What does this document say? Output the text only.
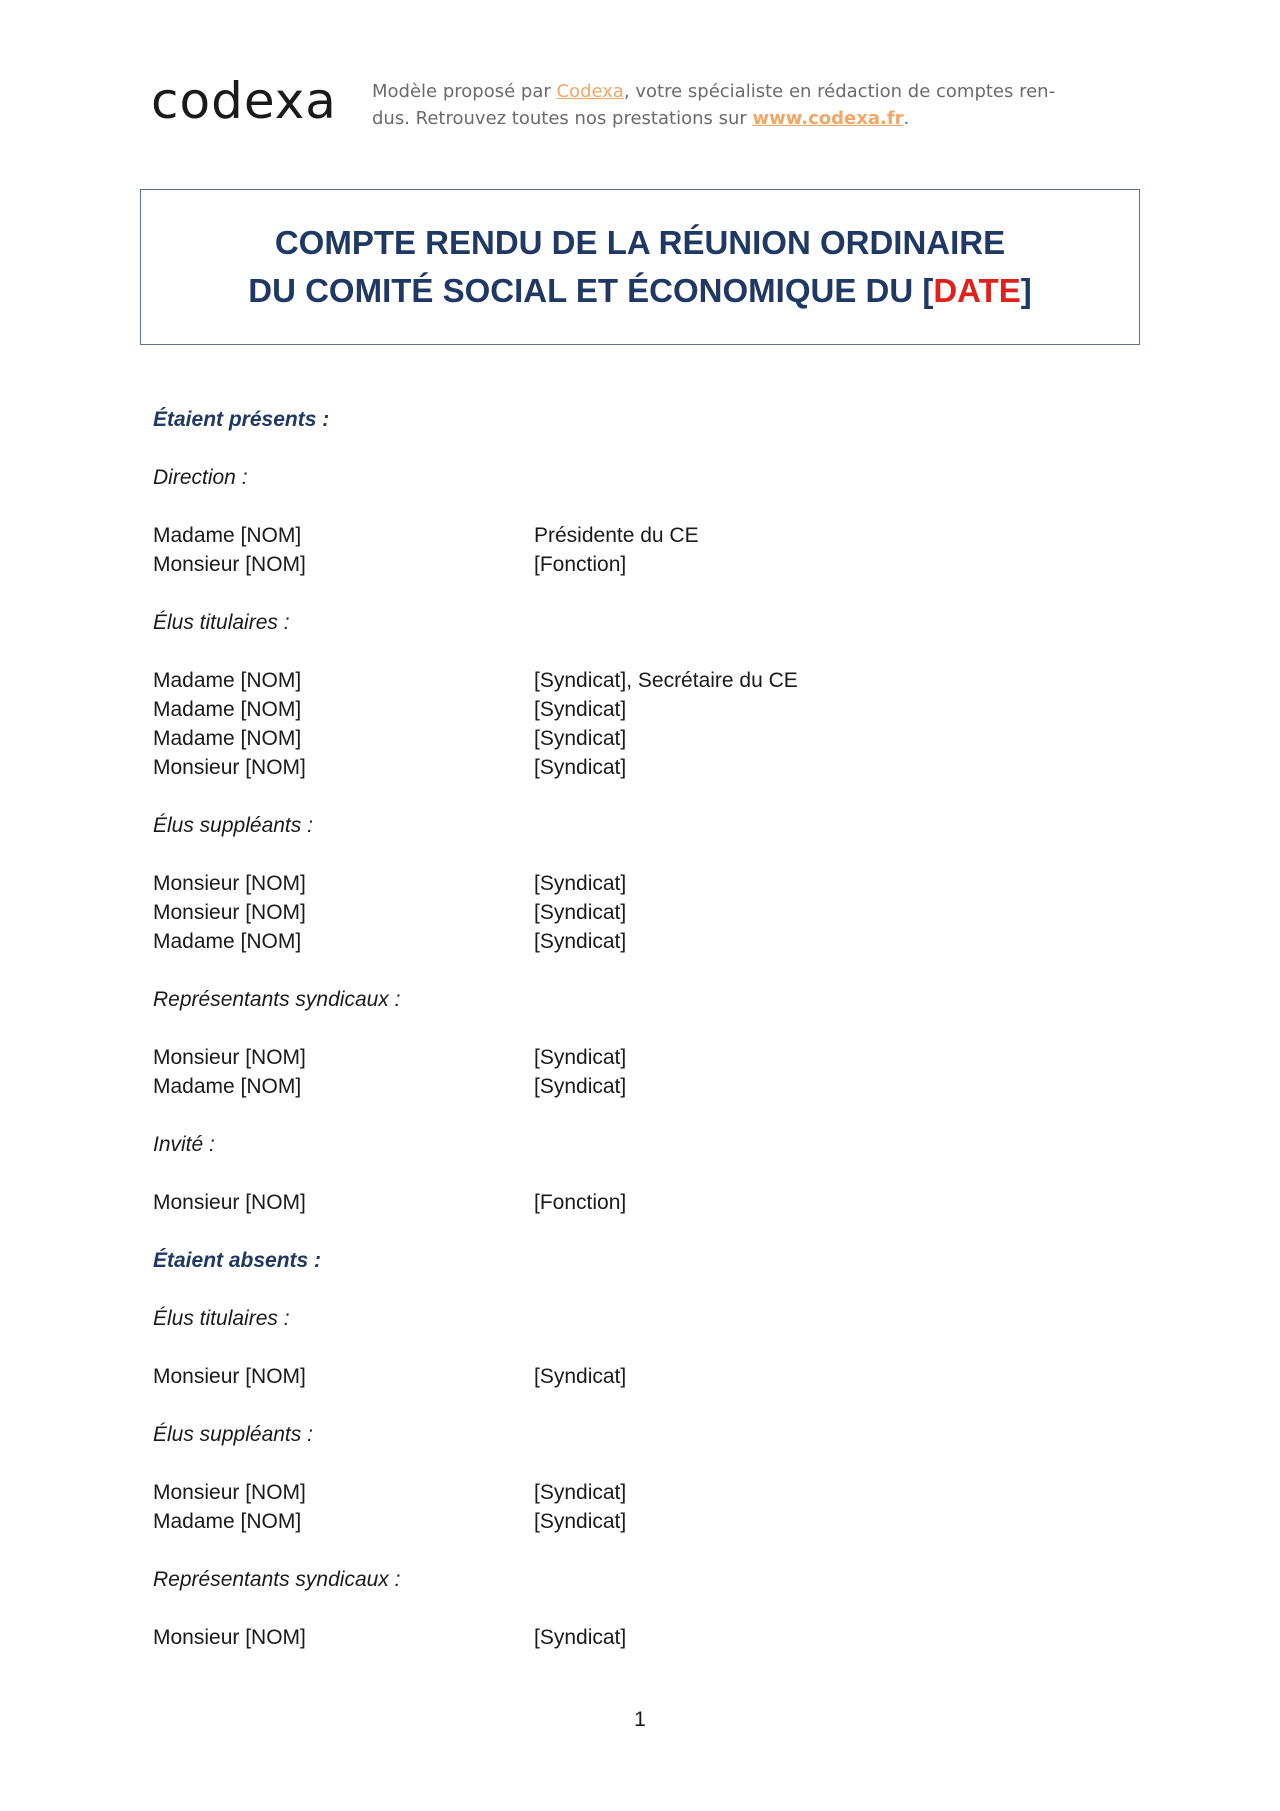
codexa Modèle proposé par Codexa, votre spécialiste en rédaction de comptes ren-
dus. Retrouvez toutes nos prestations sur www.codexa.fr.
COMPTE RENDU DE LA RÉUNION ORDINAIRE
DU COMITÉ SOCIAL ET ÉCONOMIQUE DU [DATE]
Étaient présents :
Direction :
Madame [NOM]	Présidente du CE
Monsieur [NOM]	[Fonction]
Élus titulaires :
Madame [NOM]	[Syndicat], Secrétaire du CE
Madame [NOM]	[Syndicat]
Madame [NOM]	[Syndicat]
Monsieur [NOM]	[Syndicat]
Élus suppléants :
Monsieur [NOM]	[Syndicat]
Monsieur [NOM]	[Syndicat]
Madame [NOM]	[Syndicat]
Représentants syndicaux :
Monsieur [NOM]	[Syndicat]
Madame [NOM]	[Syndicat]
Invité :
Monsieur [NOM]	[Fonction]
Étaient absents :
Élus titulaires :
Monsieur [NOM]	[Syndicat]
Élus suppléants :
Monsieur [NOM]	[Syndicat]
Madame [NOM]	[Syndicat]
Représentants syndicaux :
Monsieur [NOM]	[Syndicat]
1
